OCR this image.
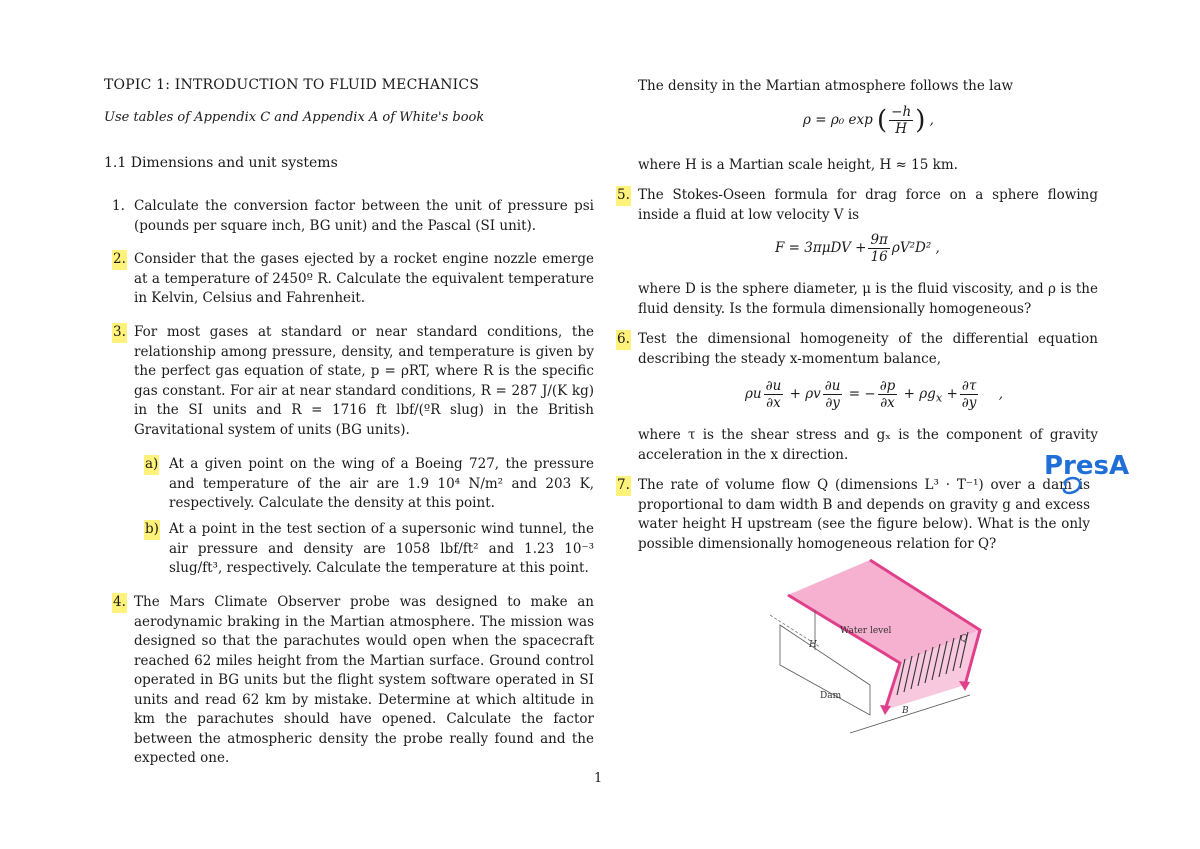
TOPIC 1: INTRODUCTION TO FLUID MECHANICS
Use tables of Appendix C and Appendix A of White's book
1.1 Dimensions and unit systems
1. Calculate the conversion factor between the unit of pressure psi (pounds per square inch, BG unit) and the Pascal (SI unit).
2. Consider that the gases ejected by a rocket engine nozzle emerge at a temperature of 2450º R. Calculate the equivalent temperature in Kelvin, Celsius and Fahrenheit.
3. For most gases at standard or near standard conditions, the relationship among pressure, density, and temperature is given by the perfect gas equation of state, p = ρRT, where R is the specific gas constant. For air at near standard conditions, R = 287 J/(K kg) in the SI units and R = 1716 ft lbf/(ºR slug) in the British Gravitational system of units (BG units).
a) At a given point on the wing of a Boeing 727, the pressure and temperature of the air are 1.9 10⁴ N/m² and 203 K, respectively. Calculate the density at this point.
b) At a point in the test section of a supersonic wind tunnel, the air pressure and density are 1058 lbf/ft² and 1.23 10⁻³ slug/ft³, respectively. Calculate the temperature at this point.
4. The Mars Climate Observer probe was designed to make an aerodynamic braking in the Martian atmosphere. The mission was designed so that the parachutes would open when the spacecraft reached 62 miles height from the Martian surface. Ground control operated in BG units but the flight system software operated in SI units and read 62 km by mistake. Determine at which altitude in km the parachutes should have opened. Calculate the factor between the atmospheric density the probe really found and the expected one.
The density in the Martian atmosphere follows the law
ρ = ρ₀ exp ( $\frac{-h}{H}$ ) ,
where H is a Martian scale height, H ≈ 15 km.
5. The Stokes-Oseen formula for drag force on a sphere flowing inside a fluid at low velocity V is
$F = 3\pi\mu DV + \frac{9\pi}{16} \rho V^2D^2$ ,
where D is the sphere diameter, μ is the fluid viscosity, and ρ is the fluid density. Is the formula dimensionally homogeneous?
6. Test the dimensional homogeneity of the differential equation describing the steady x-momentum balance,
ρu $\frac{\partial u}{\partial x} + \rho v \frac{\partial u}{\partial y}$ = − $\frac{\partial p}{\partial x} + \rho g_x + \frac{\partial\tau}{\partial y}$ ,
where τ is the shear stress and gₓ is the component of gravity acceleration in the x direction.
7. The rate of volume flow Q (dimensions L³ · T⁻¹) over a dam is proportional to dam width B and depends on gravity g and excess water height H upstream (see the figure below). What is the only possible dimensionally homogeneous relation for Q?
PresA
Water level
Q
H
Dam
B
1
